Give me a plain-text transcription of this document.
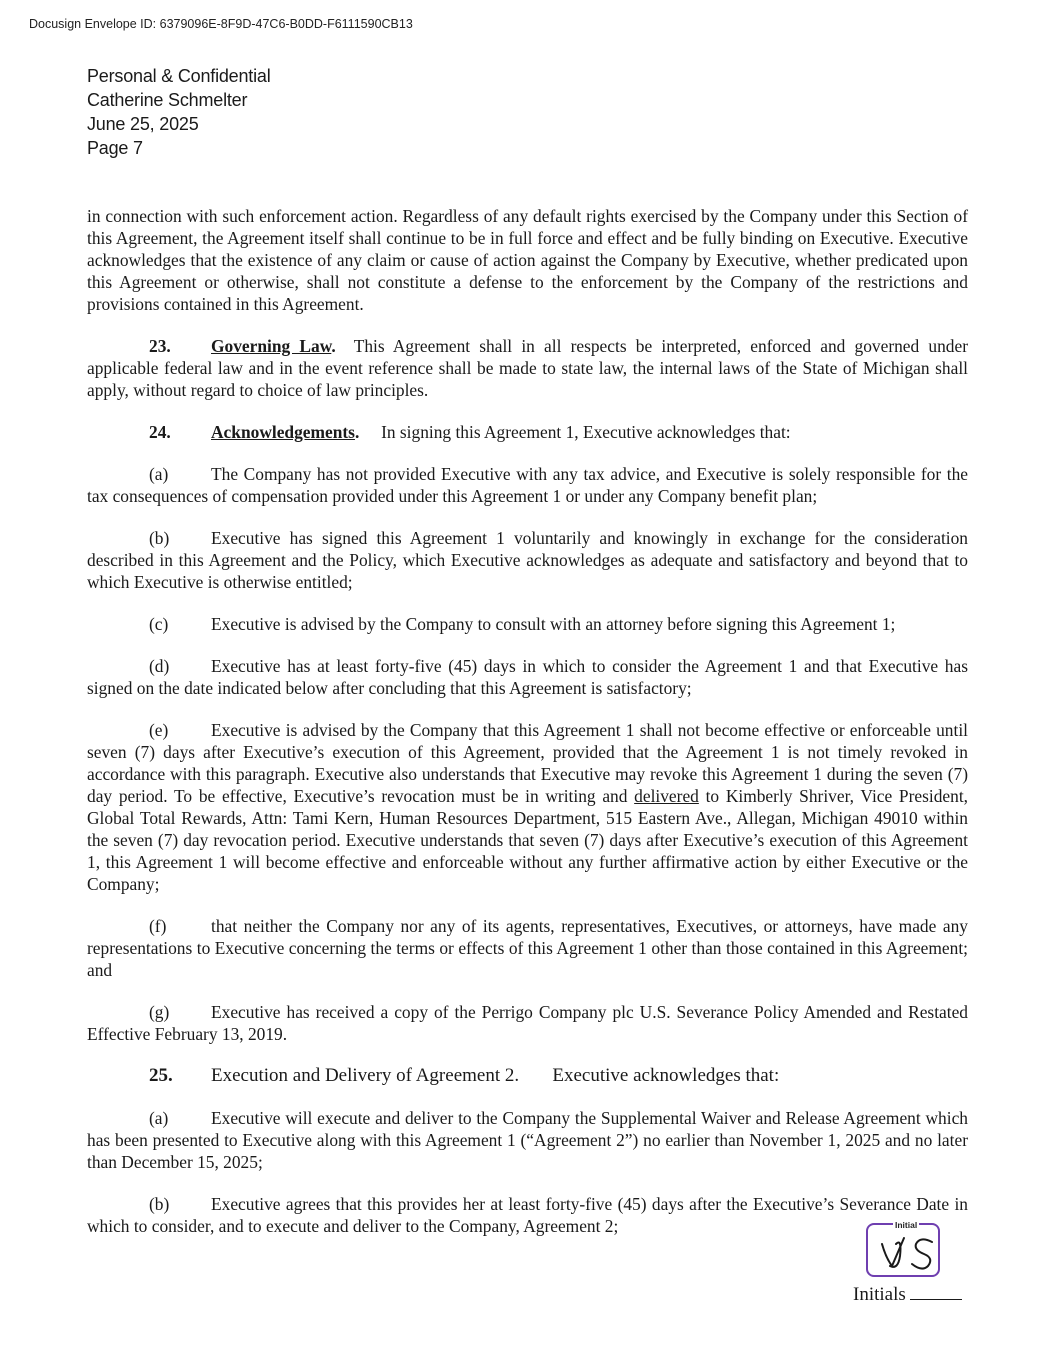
Docusign Envelope ID: 6379096E-8F9D-47C6-B0DD-F6111590CB13
Personal & Confidential
Catherine Schmelter
June 25, 2025
Page 7

in connection with such enforcement action. Regardless of any default rights exercised by the Company under this Section of this Agreement, the Agreement itself shall continue to be in full force and effect and be fully binding on Executive. Executive acknowledges that the existence of any claim or cause of action against the Company by Executive, whether predicated upon this Agreement or otherwise, shall not constitute a defense to the enforcement by the Company of the restrictions and provisions contained in this Agreement.

23. Governing Law. This Agreement shall in all respects be interpreted, enforced and governed under applicable federal law and in the event reference shall be made to state law, the internal laws of the State of Michigan shall apply, without regard to choice of law principles.

24. Acknowledgements. In signing this Agreement 1, Executive acknowledges that:

(a) The Company has not provided Executive with any tax advice, and Executive is solely responsible for the tax consequences of compensation provided under this Agreement 1 or under any Company benefit plan;

(b) Executive has signed this Agreement 1 voluntarily and knowingly in exchange for the consideration described in this Agreement and the Policy, which Executive acknowledges as adequate and satisfactory and beyond that to which Executive is otherwise entitled;

(c) Executive is advised by the Company to consult with an attorney before signing this Agreement 1;

(d) Executive has at least forty-five (45) days in which to consider the Agreement 1 and that Executive has signed on the date indicated below after concluding that this Agreement is satisfactory;

(e) Executive is advised by the Company that this Agreement 1 shall not become effective or enforceable until seven (7) days after Executive’s execution of this Agreement, provided that the Agreement 1 is not timely revoked in accordance with this paragraph. Executive also understands that Executive may revoke this Agreement 1 during the seven (7) day period. To be effective, Executive’s revocation must be in writing and delivered to Kimberly Shriver, Vice President, Global Total Rewards, Attn: Tami Kern, Human Resources Department, 515 Eastern Ave., Allegan, Michigan 49010 within the seven (7) day revocation period. Executive understands that seven (7) days after Executive’s execution of this Agreement 1, this Agreement 1 will become effective and enforceable without any further affirmative action by either Executive or the Company;

(f)	that neither the Company nor any of its agents, representatives, Executives, or attorneys, have made any representations to Executive concerning the terms or effects of this Agreement 1 other than those contained in this Agreement; and

(g) Executive has received a copy of the Perrigo Company plc U.S. Severance Policy Amended and Restated Effective February 13, 2019.

25. Execution and Delivery of Agreement 2. Executive acknowledges that:

(a) Executive will execute and deliver to the Company the Supplemental Waiver and Release Agreement which has been presented to Executive along with this Agreement 1 (“Agreement 2”) no earlier than November 1, 2025 and no later than December 15, 2025;

(b) Executive agrees that this provides her at least forty-five (45) days after the Executive’s Severance Date in which to consider, and to execute and deliver to the Company, Agreement 2;	Initial
Initials
